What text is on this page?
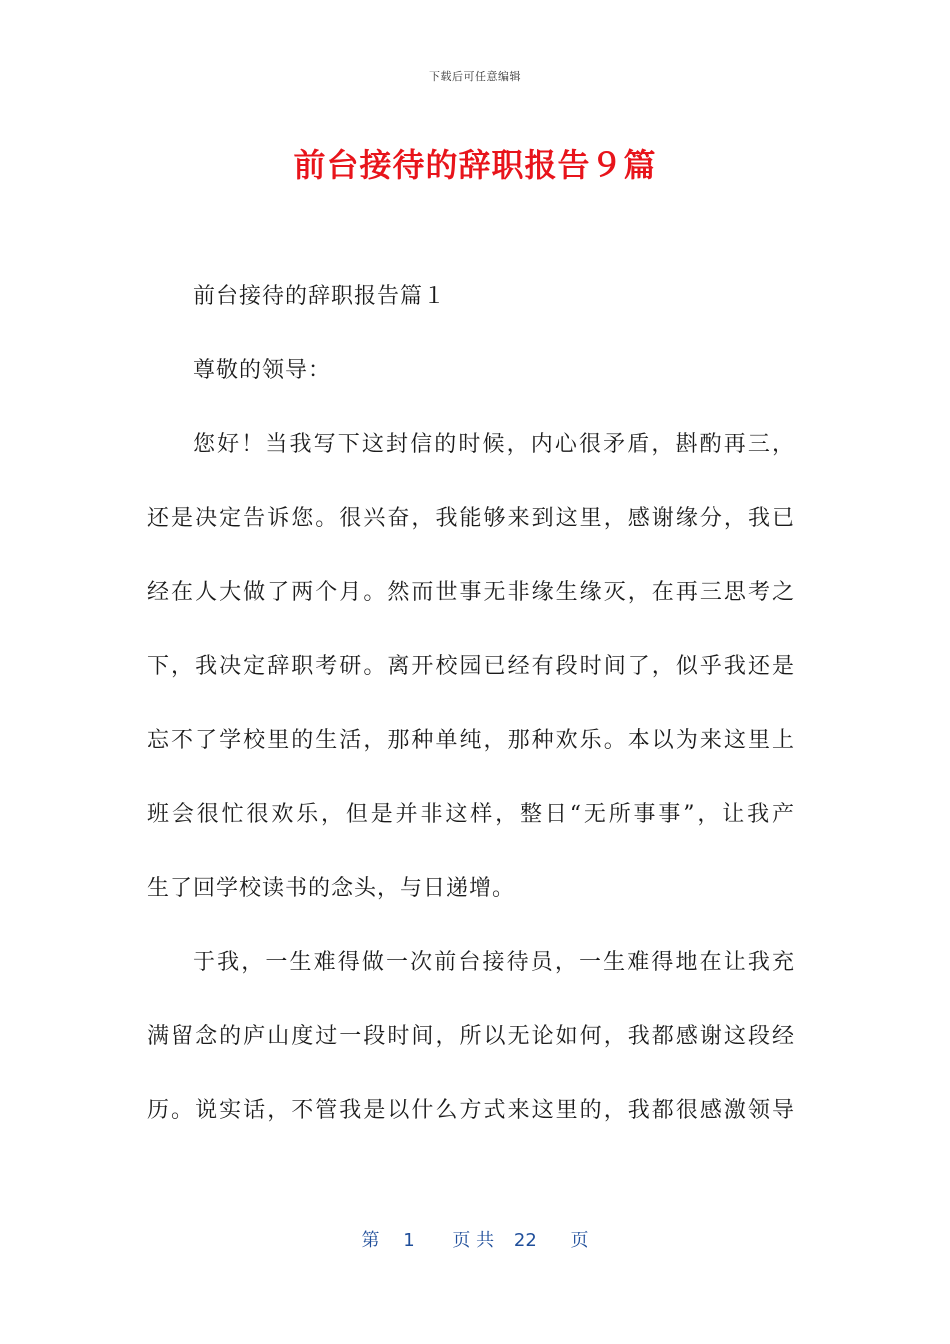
下载后可任意编辑
前台接待的辞职报告９篇
前台接待的辞职报告篇１
尊敬的领导：
您好！当我写下这封信的时候，内心很矛盾，斟酌再三，
还是决定告诉您。很兴奋，我能够来到这里，感谢缘分，我已
经在人大做了两个月。然而世事无非缘生缘灭，在再三思考之
下，我决定辞职考研。离开校园已经有段时间了，似乎我还是
忘不了学校里的生活，那种单纯，那种欢乐。本以为来这里上
班会很忙很欢乐，但是并非这样，整日“无所事事”，让我产
生了回学校读书的念头，与日递增。
于我，一生难得做一次前台接待员，一生难得地在让我充
满留念的庐山度过一段时间，所以无论如何，我都感谢这段经
历。说实话，不管我是以什么方式来这里的，我都很感激领导
第 1 页 共 22 页
